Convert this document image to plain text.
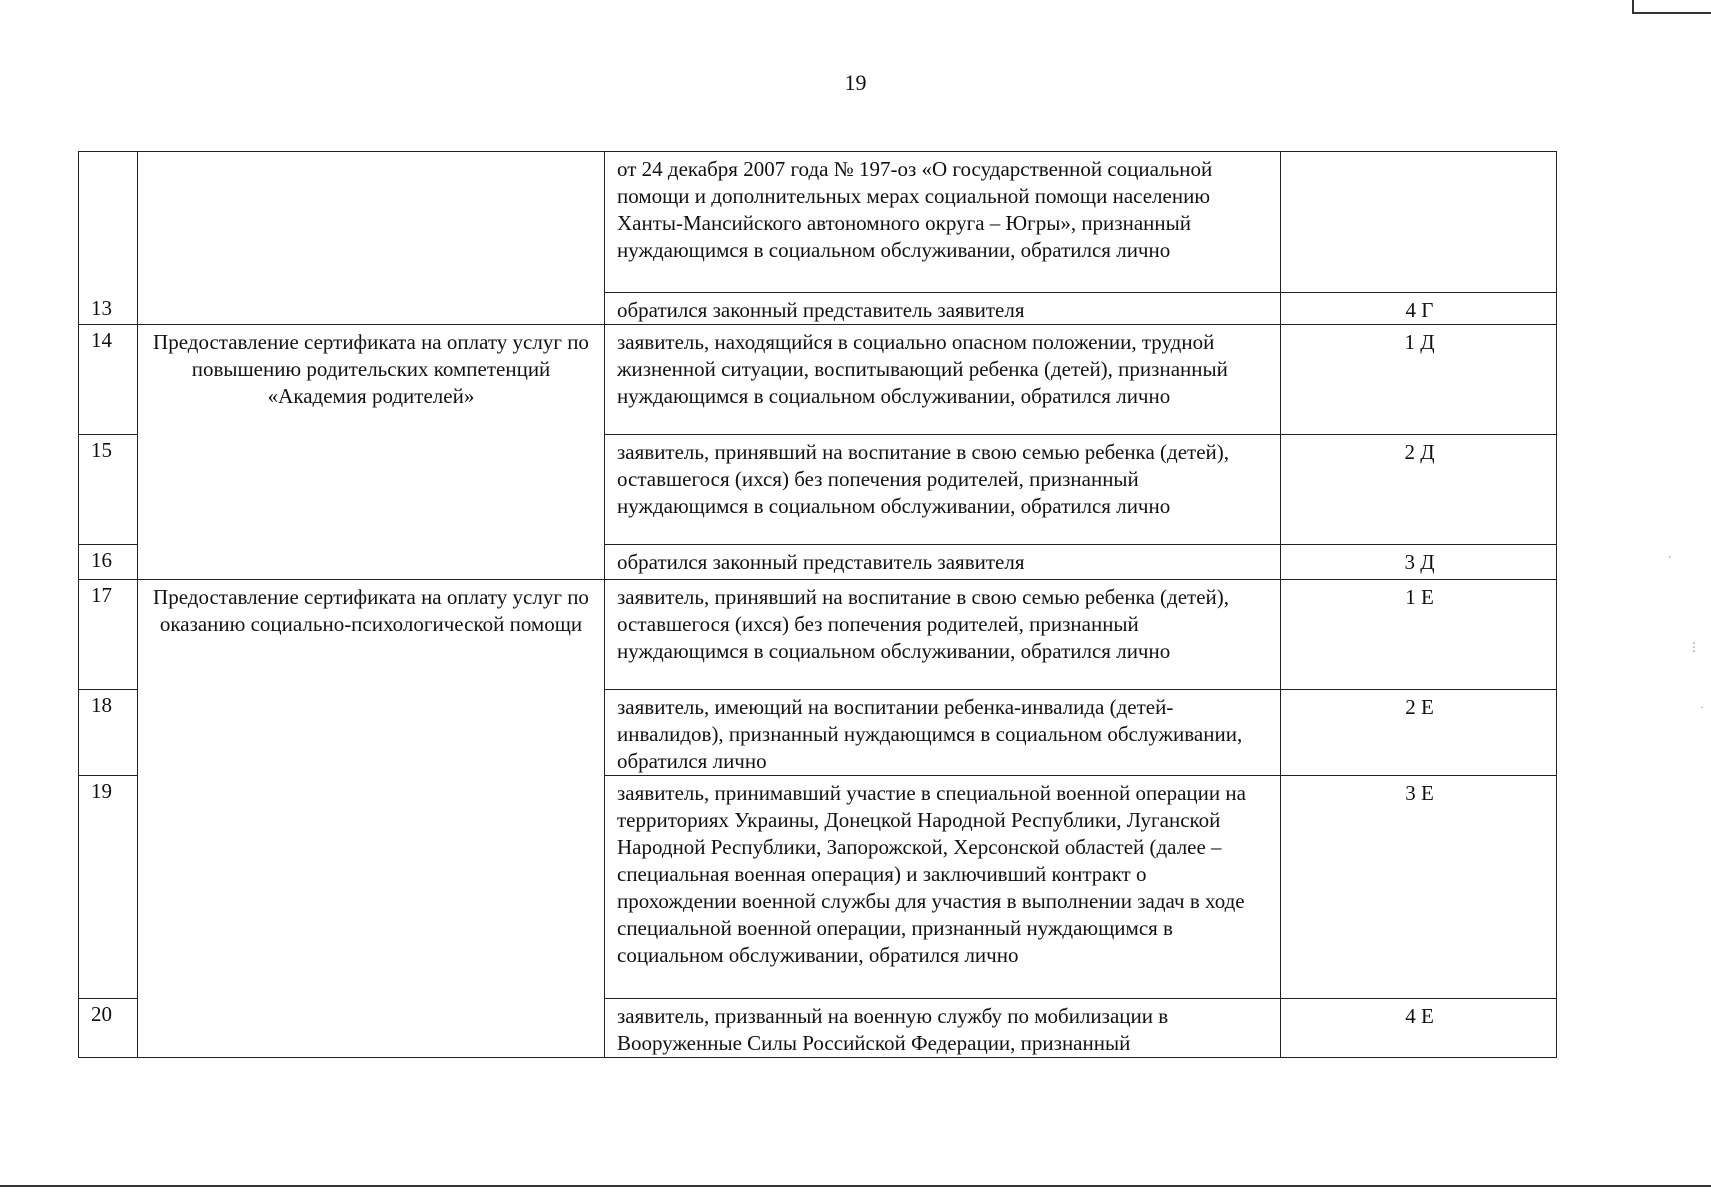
19
∙
⋮
·
		от 24 декабря 2007 года № 197-оз «О государственной социальной помощи и дополнительных мерах социальной помощи населению Ханты-Мансийского автономного округа – Югры», признанный нуждающимся в социальном обслуживании, обратился лично	
13		обратился законный представитель заявителя	4 Г
14	Предоставление сертификата на оплату услуг по повышению родительских компетенций «Академия родителей»	заявитель, находящийся в социально опасном положении, трудной жизненной ситуации, воспитывающий ребенка (детей), признанный нуждающимся в социальном обслуживании, обратился лично	1 Д
15		заявитель, принявший на воспитание в свою семью ребенка (детей), оставшегося (ихся) без попечения родителей, признанный нуждающимся в социальном обслуживании, обратился лично	2 Д
16		обратился законный представитель заявителя	3 Д
17	Предоставление сертификата на оплату услуг по оказанию социально-психологической помощи	заявитель, принявший на воспитание в свою семью ребенка (детей), оставшегося (ихся) без попечения родителей, признанный нуждающимся в социальном обслуживании, обратился лично	1 Е
18		заявитель, имеющий на воспитании ребенка-инвалида (детей-инвалидов), признанный нуждающимся в социальном обслуживании, обратился лично	2 Е
19		заявитель, принимавший участие в специальной военной операции на территориях Украины, Донецкой Народной Республики, Луганской Народной Республики, Запорожской, Херсонской областей (далее – специальная военная операция) и заключивший контракт о прохождении военной службы для участия в выполнении задач в ходе специальной военной операции, признанный нуждающимся в социальном обслуживании, обратился лично	3 Е
20		заявитель, призванный на военную службу по мобилизации в Вооруженные Силы Российской Федерации, признанный	4 Е
